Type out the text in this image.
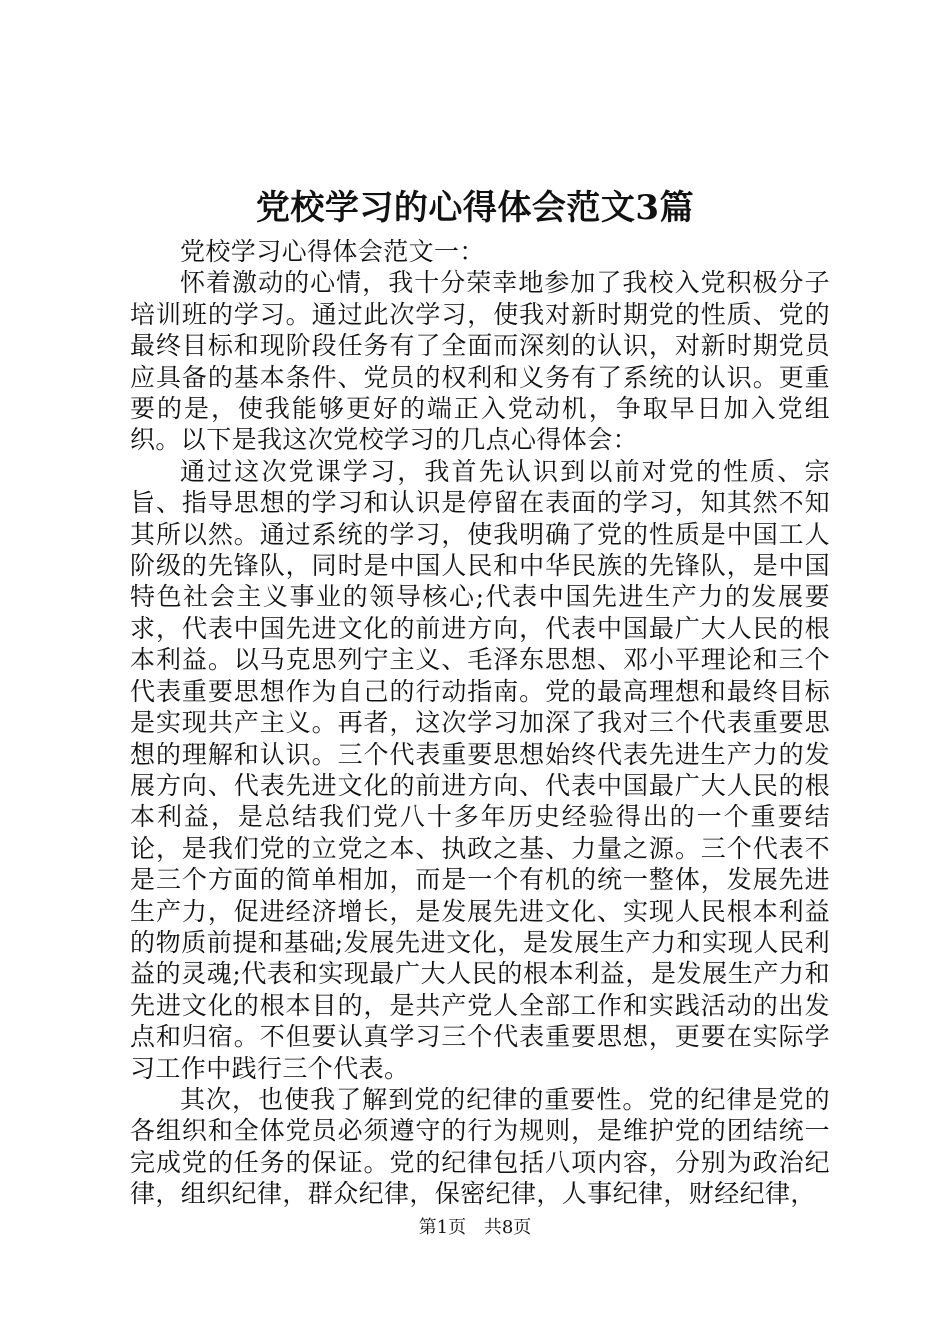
党校学习的心得体会范文3篇

党校学习心得体会范文一：

怀着激动的心情，我十分荣幸地参加了我校入党积极分子培训班的学习。通过此次学习，使我对新时期党的性质、党的最终目标和现阶段任务有了全面而深刻的认识，对新时期党员应具备的基本条件、党员的权利和义务有了系统的认识。更重要的是，使我能够更好的端正入党动机，争取早日加入党组织。以下是我这次党校学习的几点心得体会：

通过这次党课学习，我首先认识到以前对党的性质、宗旨、指导思想的学习和认识是停留在表面的学习，知其然不知其所以然。通过系统的学习，使我明确了党的性质是中国工人阶级的先锋队，同时是中国人民和中华民族的先锋队，是中国特色社会主义事业的领导核心;代表中国先进生产力的发展要求，代表中国先进文化的前进方向，代表中国最广大人民的根本利益。以马克思列宁主义、毛泽东思想、邓小平理论和三个代表重要思想作为自己的行动指南。党的最高理想和最终目标是实现共产主义。再者，这次学习加深了我对三个代表重要思想的理解和认识。三个代表重要思想始终代表先进生产力的发展方向、代表先进文化的前进方向、代表中国最广大人民的根本利益，是总结我们党八十多年历史经验得出的一个重要结论，是我们党的立党之本、执政之基、力量之源。三个代表不是三个方面的简单相加，而是一个有机的统一整体，发展先进生产力，促进经济增长，是发展先进文化、实现人民根本利益的物质前提和基础;发展先进文化，是发展生产力和实现人民利益的灵魂;代表和实现最广大人民的根本利益，是发展生产力和先进文化的根本目的，是共产党人全部工作和实践活动的出发点和归宿。不但要认真学习三个代表重要思想，更要在实际学习工作中践行三个代表。

其次，也使我了解到党的纪律的重要性。党的纪律是党的各组织和全体党员必须遵守的行为规则，是维护党的团结统一完成党的任务的保证。党的纪律包括八项内容，分别为政治纪律，组织纪律，群众纪律，保密纪律，人事纪律，财经纪律，

第1页 共8页
